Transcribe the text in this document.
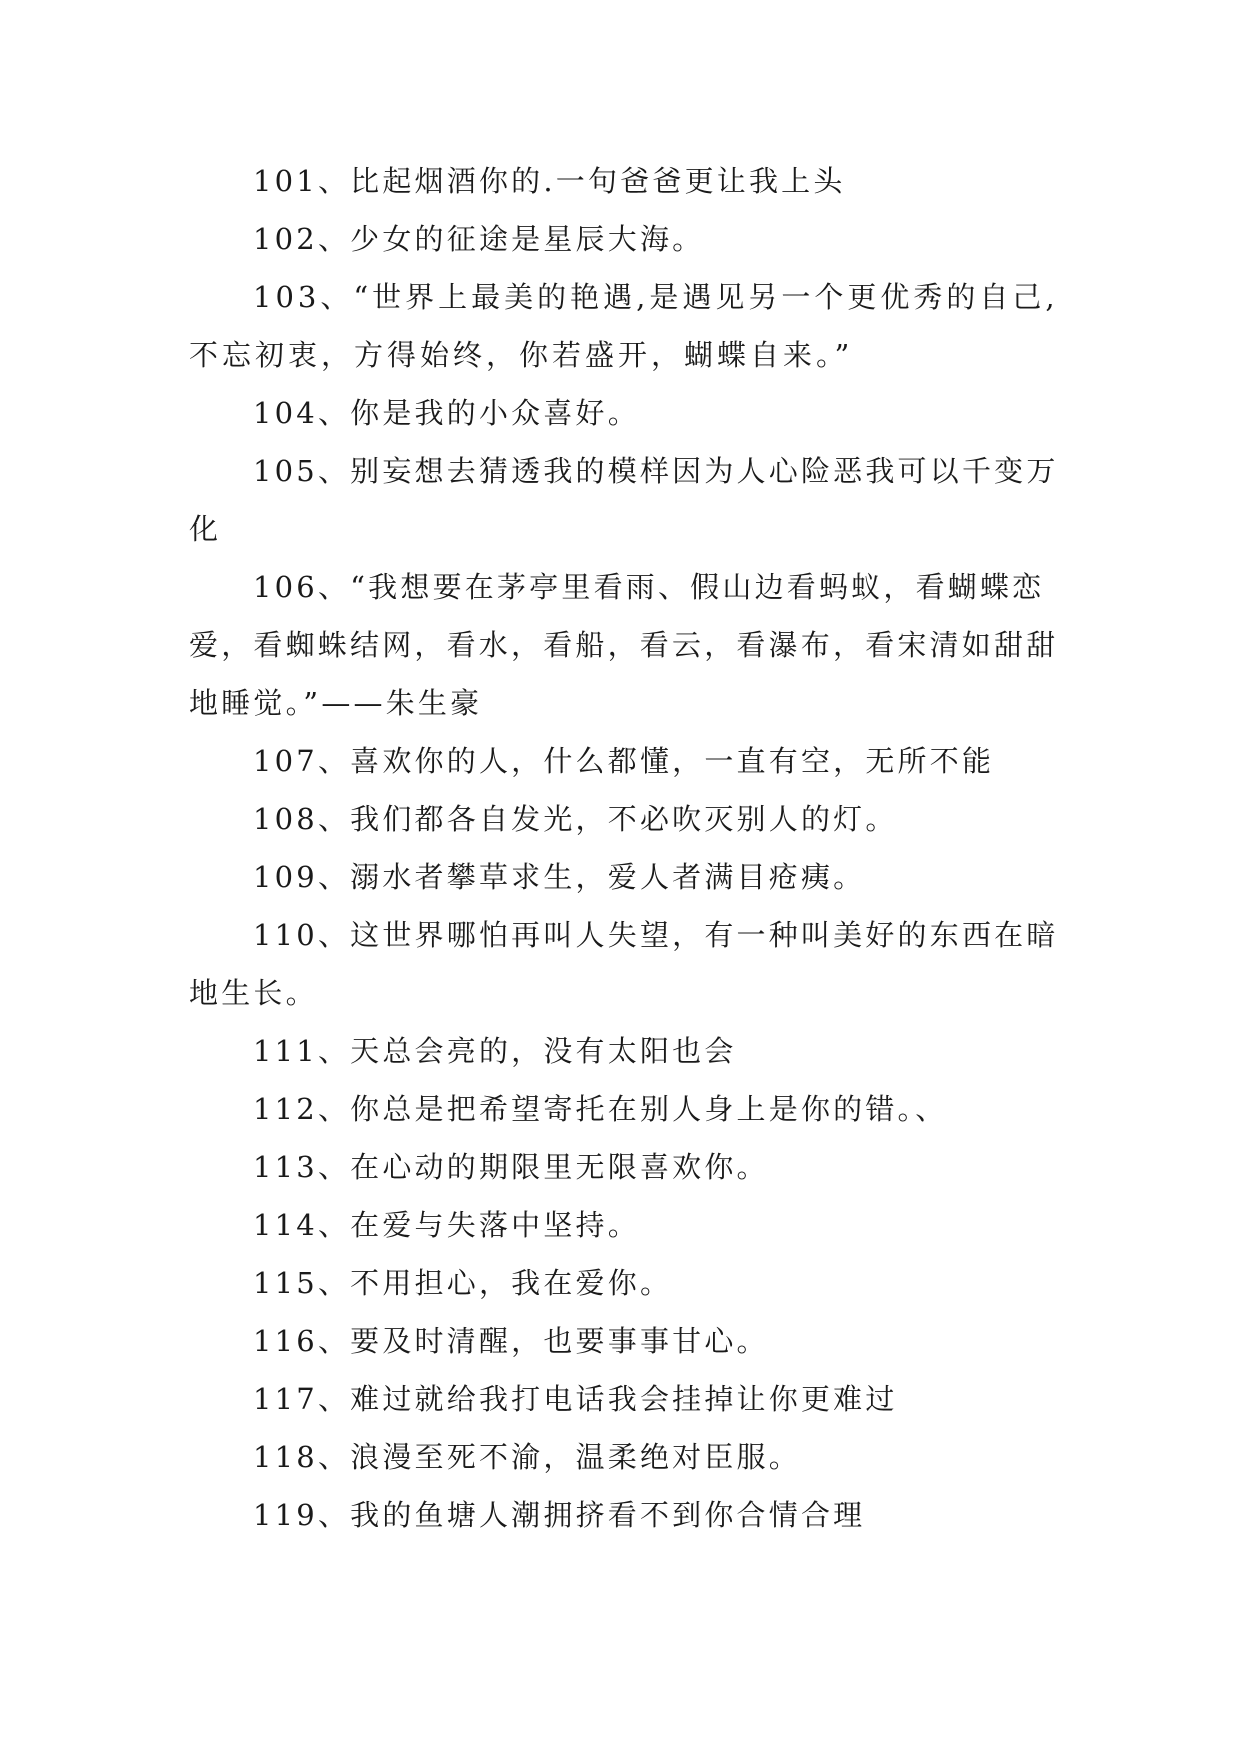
101、比起烟酒你的.一句爸爸更让我上头

102、少女的征途是星辰大海。

103、“世界上最美的艳遇,是遇见另一个更优秀的自己,不忘初衷，方得始终，你若盛开，蝴蝶自来。”

104、你是我的小众喜好。

105、别妄想去猜透我的模样因为人心险恶我可以千变万化

106、“我想要在茅亭里看雨、假山边看蚂蚁，看蝴蝶恋爱，看蜘蛛结网，看水，看船，看云，看瀑布，看宋清如甜甜地睡觉。”——朱生豪

107、喜欢你的人，什么都懂，一直有空，无所不能

108、我们都各自发光，不必吹灭别人的灯。

109、溺水者攀草求生，爱人者满目疮痍。

110、这世界哪怕再叫人失望，有一种叫美好的东西在暗地生长。

111、天总会亮的，没有太阳也会

112、你总是把希望寄托在别人身上是你的错。、

113、在心动的期限里无限喜欢你。

114、在爱与失落中坚持。

115、不用担心，我在爱你。

116、要及时清醒，也要事事甘心。

117、难过就给我打电话我会挂掉让你更难过

118、浪漫至死不渝，温柔绝对臣服。

119、我的鱼塘人潮拥挤看不到你合情合理
